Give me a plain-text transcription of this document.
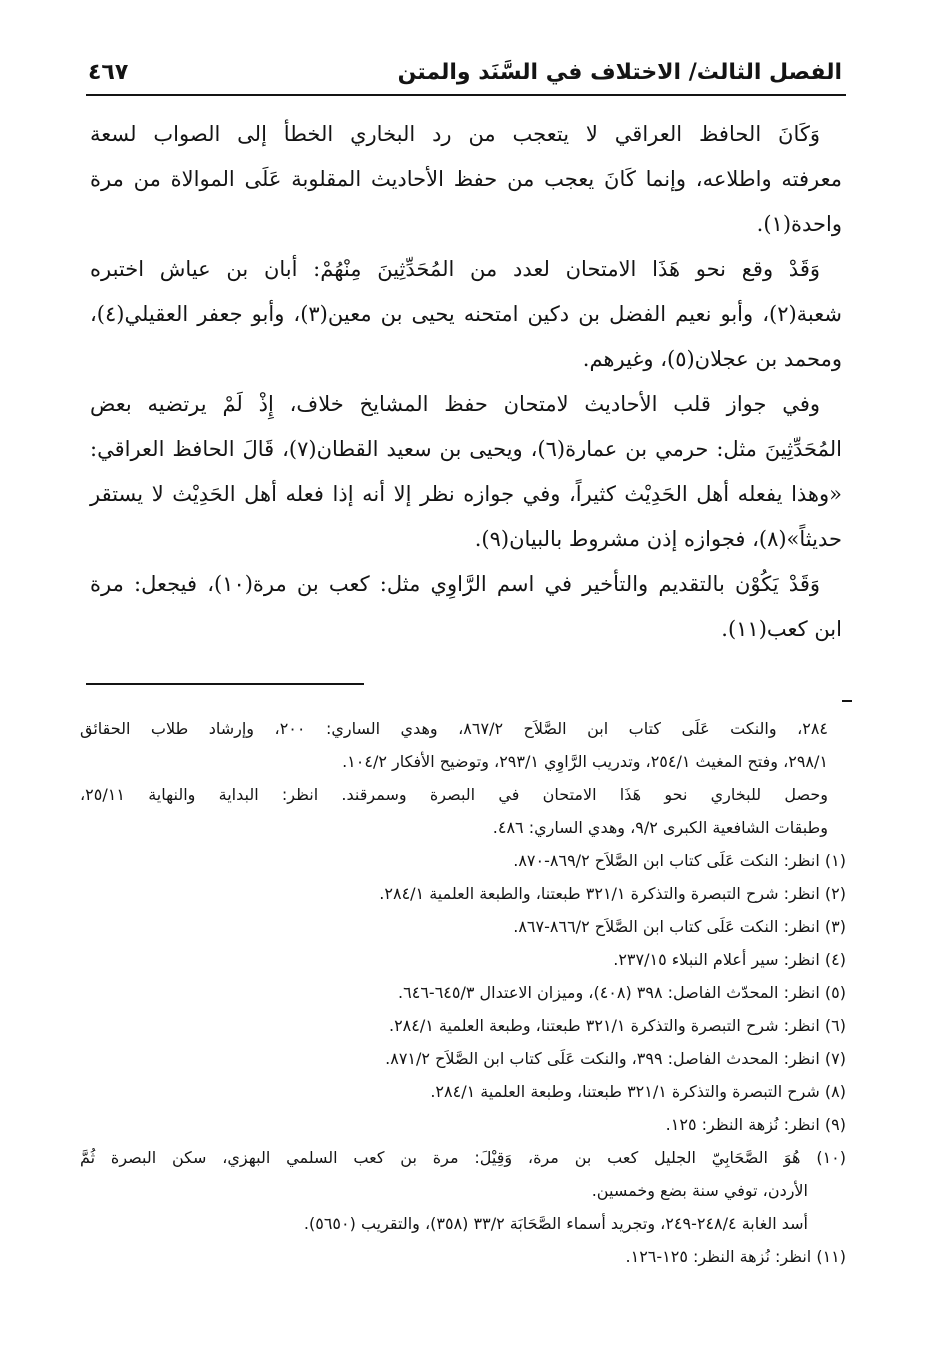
الفصل الثالث/ الاختلاف في السَّنَد والمتن
٤٦٧
وَكَانَ الحافظ العراقي لا يتعجب من رد البخاري الخطأ إلى الصواب لسعة
معرفته واطلاعه، وإنما كَانَ يعجب من حفظ الأحاديث المقلوبة عَلَى الموالاة من مرة
واحدة(١).
وَقَدْ وقع نحو هَذَا الامتحان لعدد من المُحَدِّثِينَ مِنْهُمْ: أبان بن عياش اختبره
شعبة(٢)، وأبو نعيم الفضل بن دكين امتحنه يحيى بن معين(٣)، وأبو جعفر العقيلي(٤)،
ومحمد بن عجلان(٥)، وغيرهم.
وفي جواز قلب الأحاديث لامتحان حفظ المشايخ خلاف، إِذْ لَمْ يرتضيه بعض
المُحَدِّثِينَ مثل: حرمي بن عمارة(٦)، ويحيى بن سعيد القطان(٧)، قَالَ الحافظ العراقي:
«وهذا يفعله أهل الحَدِيْث كثيراً، وفي جوازه نظر إلا أنه إذا فعله أهل الحَدِيْث لا يستقر
حديثاً»(٨)، فجوازه إذن مشروط بالبيان(٩).
وَقَدْ يَكُوْن بالتقديم والتأخير في اسم الرَّاوِي مثل: كعب بن مرة(١٠)، فيجعل: مرة
ابن كعب(١١).
٢٨٤، والنكت عَلَى كتاب ابن الصَّلاَح ٨٦٧/٢، وهدي الساري: ٢٠٠، وإرشاد طلاب الحقائق
٢٩٨/١، وفتح المغيث ٢٥٤/١، وتدريب الرَّاوِي ٢٩٣/١، وتوضيح الأفكار ١٠٤/٢.
وحصل للبخاري نحو هَذَا الامتحان في البصرة وسمرقند. انظر: البداية والنهاية ٢٥/١١،
وطبقات الشافعية الكبرى ٩/٢، وهدي الساري: ٤٨٦.
(١) انظر: النكت عَلَى كتاب ابن الصَّلاَح ٨٦٩/٢-٨٧٠.
(٢) انظر: شرح التبصرة والتذكرة ٣٢١/١ طبعتنا، والطبعة العلمية ٢٨٤/١.
(٣) انظر: النكت عَلَى كتاب ابن الصَّلاَح ٨٦٦/٢-٨٦٧.
(٤) انظر: سير أعلام النبلاء ٢٣٧/١٥.
(٥) انظر: المحدّث الفاصل: ٣٩٨ (٤٠٨)، وميزان الاعتدال ٦٤٥/٣-٦٤٦.
(٦) انظر: شرح التبصرة والتذكرة ٣٢١/١ طبعتنا، وطبعة العلمية ٢٨٤/١.
(٧) انظر: المحدث الفاصل: ٣٩٩، والنكت عَلَى كتاب ابن الصَّلاَح ٨٧١/٢.
(٨) شرح التبصرة والتذكرة ٣٢١/١ طبعتنا، وطبعة العلمية ٢٨٤/١.
(٩) انظر: نُزهة النظر: ١٢٥.
(١٠) هُوَ الصَّحَابِيّ الجليل كعب بن مرة، وَقِيْلَ: مرة بن كعب السلمي البهزي، سكن البصرة ثُمَّ
الأردن، توفي سنة بضع وخمسين.
أسد الغابة ٢٤٨/٤-٢٤٩، وتجريد أسماء الصَّحَابَة ٣٣/٢ (٣٥٨)، والتقريب (٥٦٥٠).
(١١) انظر: نُزهة النظر: ١٢٥-١٢٦.
